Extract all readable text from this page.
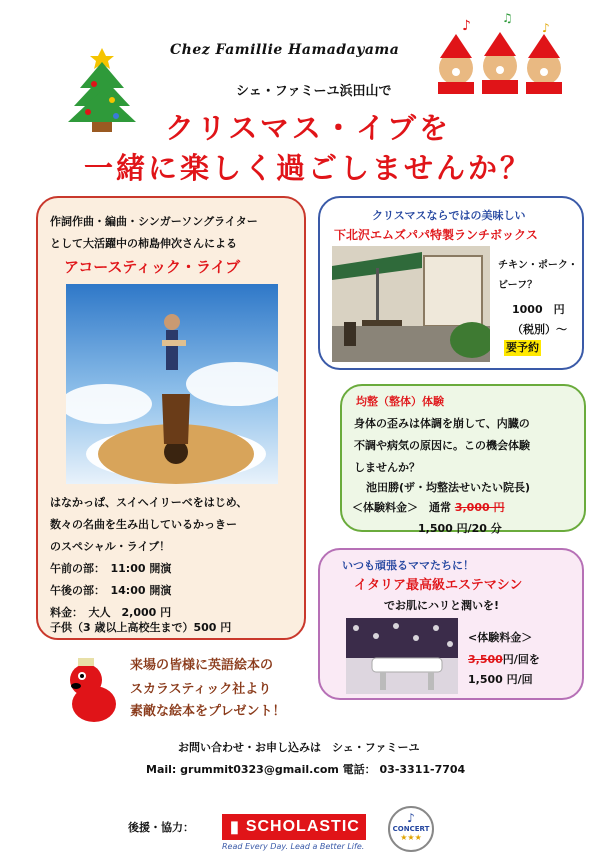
♪	♫
♪
Chez Famillie Hamadayama
シェ・ファミーユ浜田山で
クリスマス・イブを
一緒に楽しく過ごしませんか？
作詞作曲・編曲・シンガーソングライター
として大活躍中の柿島伸次さんによる
アコースティック・ライブ
はなかっぱ、スイヘイリーベをはじめ、
数々の名曲を生み出しているかっきー
のスペシャル・ライブ！
午前の部：　11:00 開演
午後の部：　14:00 開演
料金：　大人　2,000 円
子供（3 歳以上高校生まで）500 円
クリスマスならではの美味しい
下北沢エムズパパ特製ランチボックス
チキン・ポーク・
ビーフ？
1000　円
（税別）～
要予約
均整（整体）体験
身体の歪みは体調を崩して、内臓の
不調や病気の原因に。この機会体験
しませんか？
池田勝(ザ・均整法せいたい院長)
＜体験料金＞　通常 3,000 円
1,500 円/20 分
いつも頑張るママたちに！
イタリア最高級エステマシン
でお肌にハリと潤いを!
<体験料金＞
3,500円/回を
1,500 円/回
来場の皆様に英語絵本の
スカラスティック社より
素敵な絵本をプレゼント！
お問い合わせ・お申し込みは　シェ・ファミーユ
Mail: grummit0323@gmail.com 電話： 03-3311-7704
後援・協力： ▮ SCHOLASTIC
Read Every Day. Lead a Better Life.
♪
CONCERT
★★★
